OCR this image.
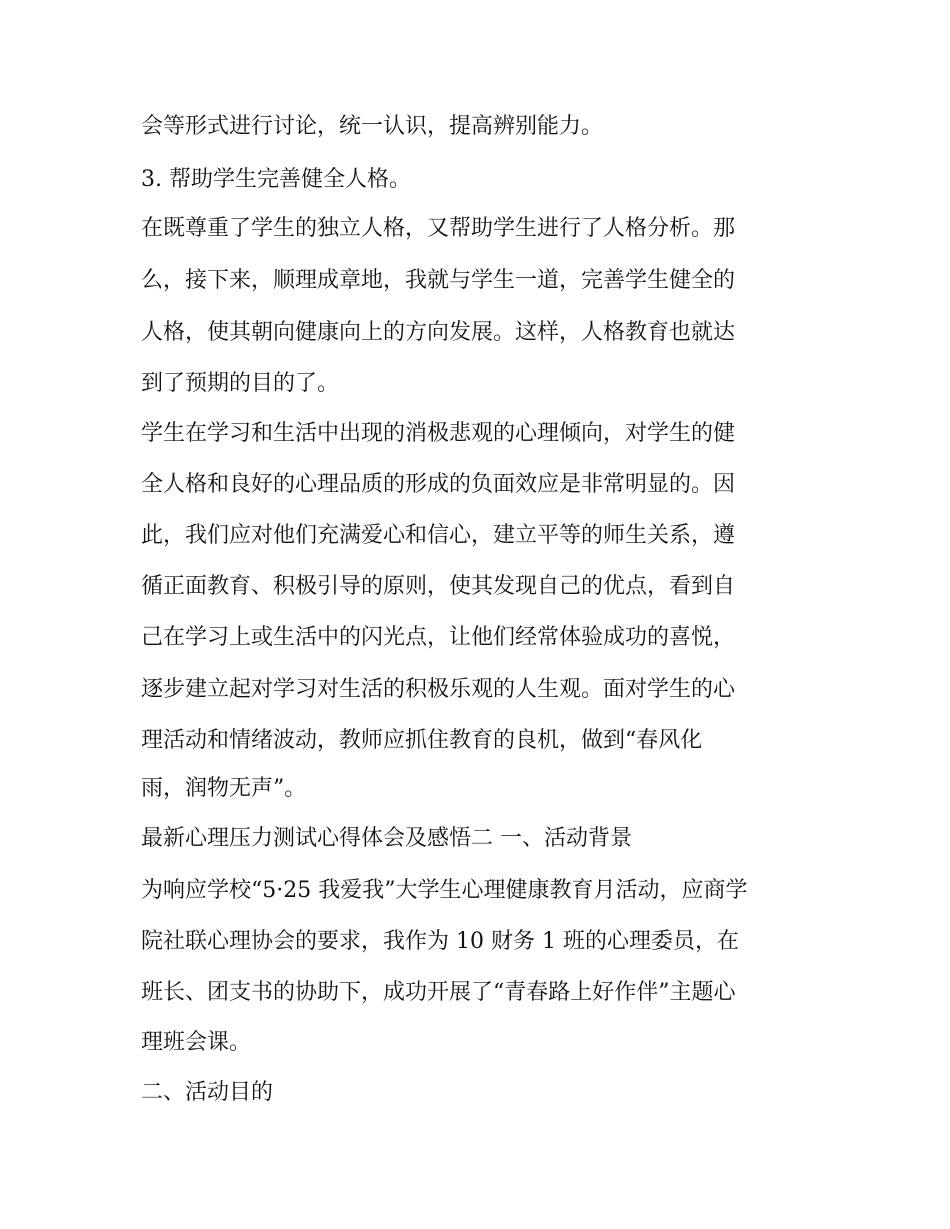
会等形式进行讨论，统一认识，提高辨别能力。
3. 帮助学生完善健全人格。
在既尊重了学生的独立人格，又帮助学生进行了人格分析。那
么，接下来，顺理成章地，我就与学生一道，完善学生健全的
人格，使其朝向健康向上的方向发展。这样，人格教育也就达
到了预期的目的了。
学生在学习和生活中出现的消极悲观的心理倾向，对学生的健
全人格和良好的心理品质的形成的负面效应是非常明显的。因
此，我们应对他们充满爱心和信心，建立平等的师生关系，遵
循正面教育、积极引导的原则，使其发现自己的优点，看到自
己在学习上或生活中的闪光点，让他们经常体验成功的喜悦，
逐步建立起对学习对生活的积极乐观的人生观。面对学生的心
理活动和情绪波动，教师应抓住教育的良机，做到“春风化
雨，润物无声”。
最新心理压力测试心得体会及感悟二 一、活动背景
为响应学校“5·25 我爱我”大学生心理健康教育月活动，应商学
院社联心理协会的要求，我作为 10 财务 1 班的心理委员，在
班长、团支书的协助下，成功开展了“青春路上好作伴”主题心
理班会课。
二、活动目的
